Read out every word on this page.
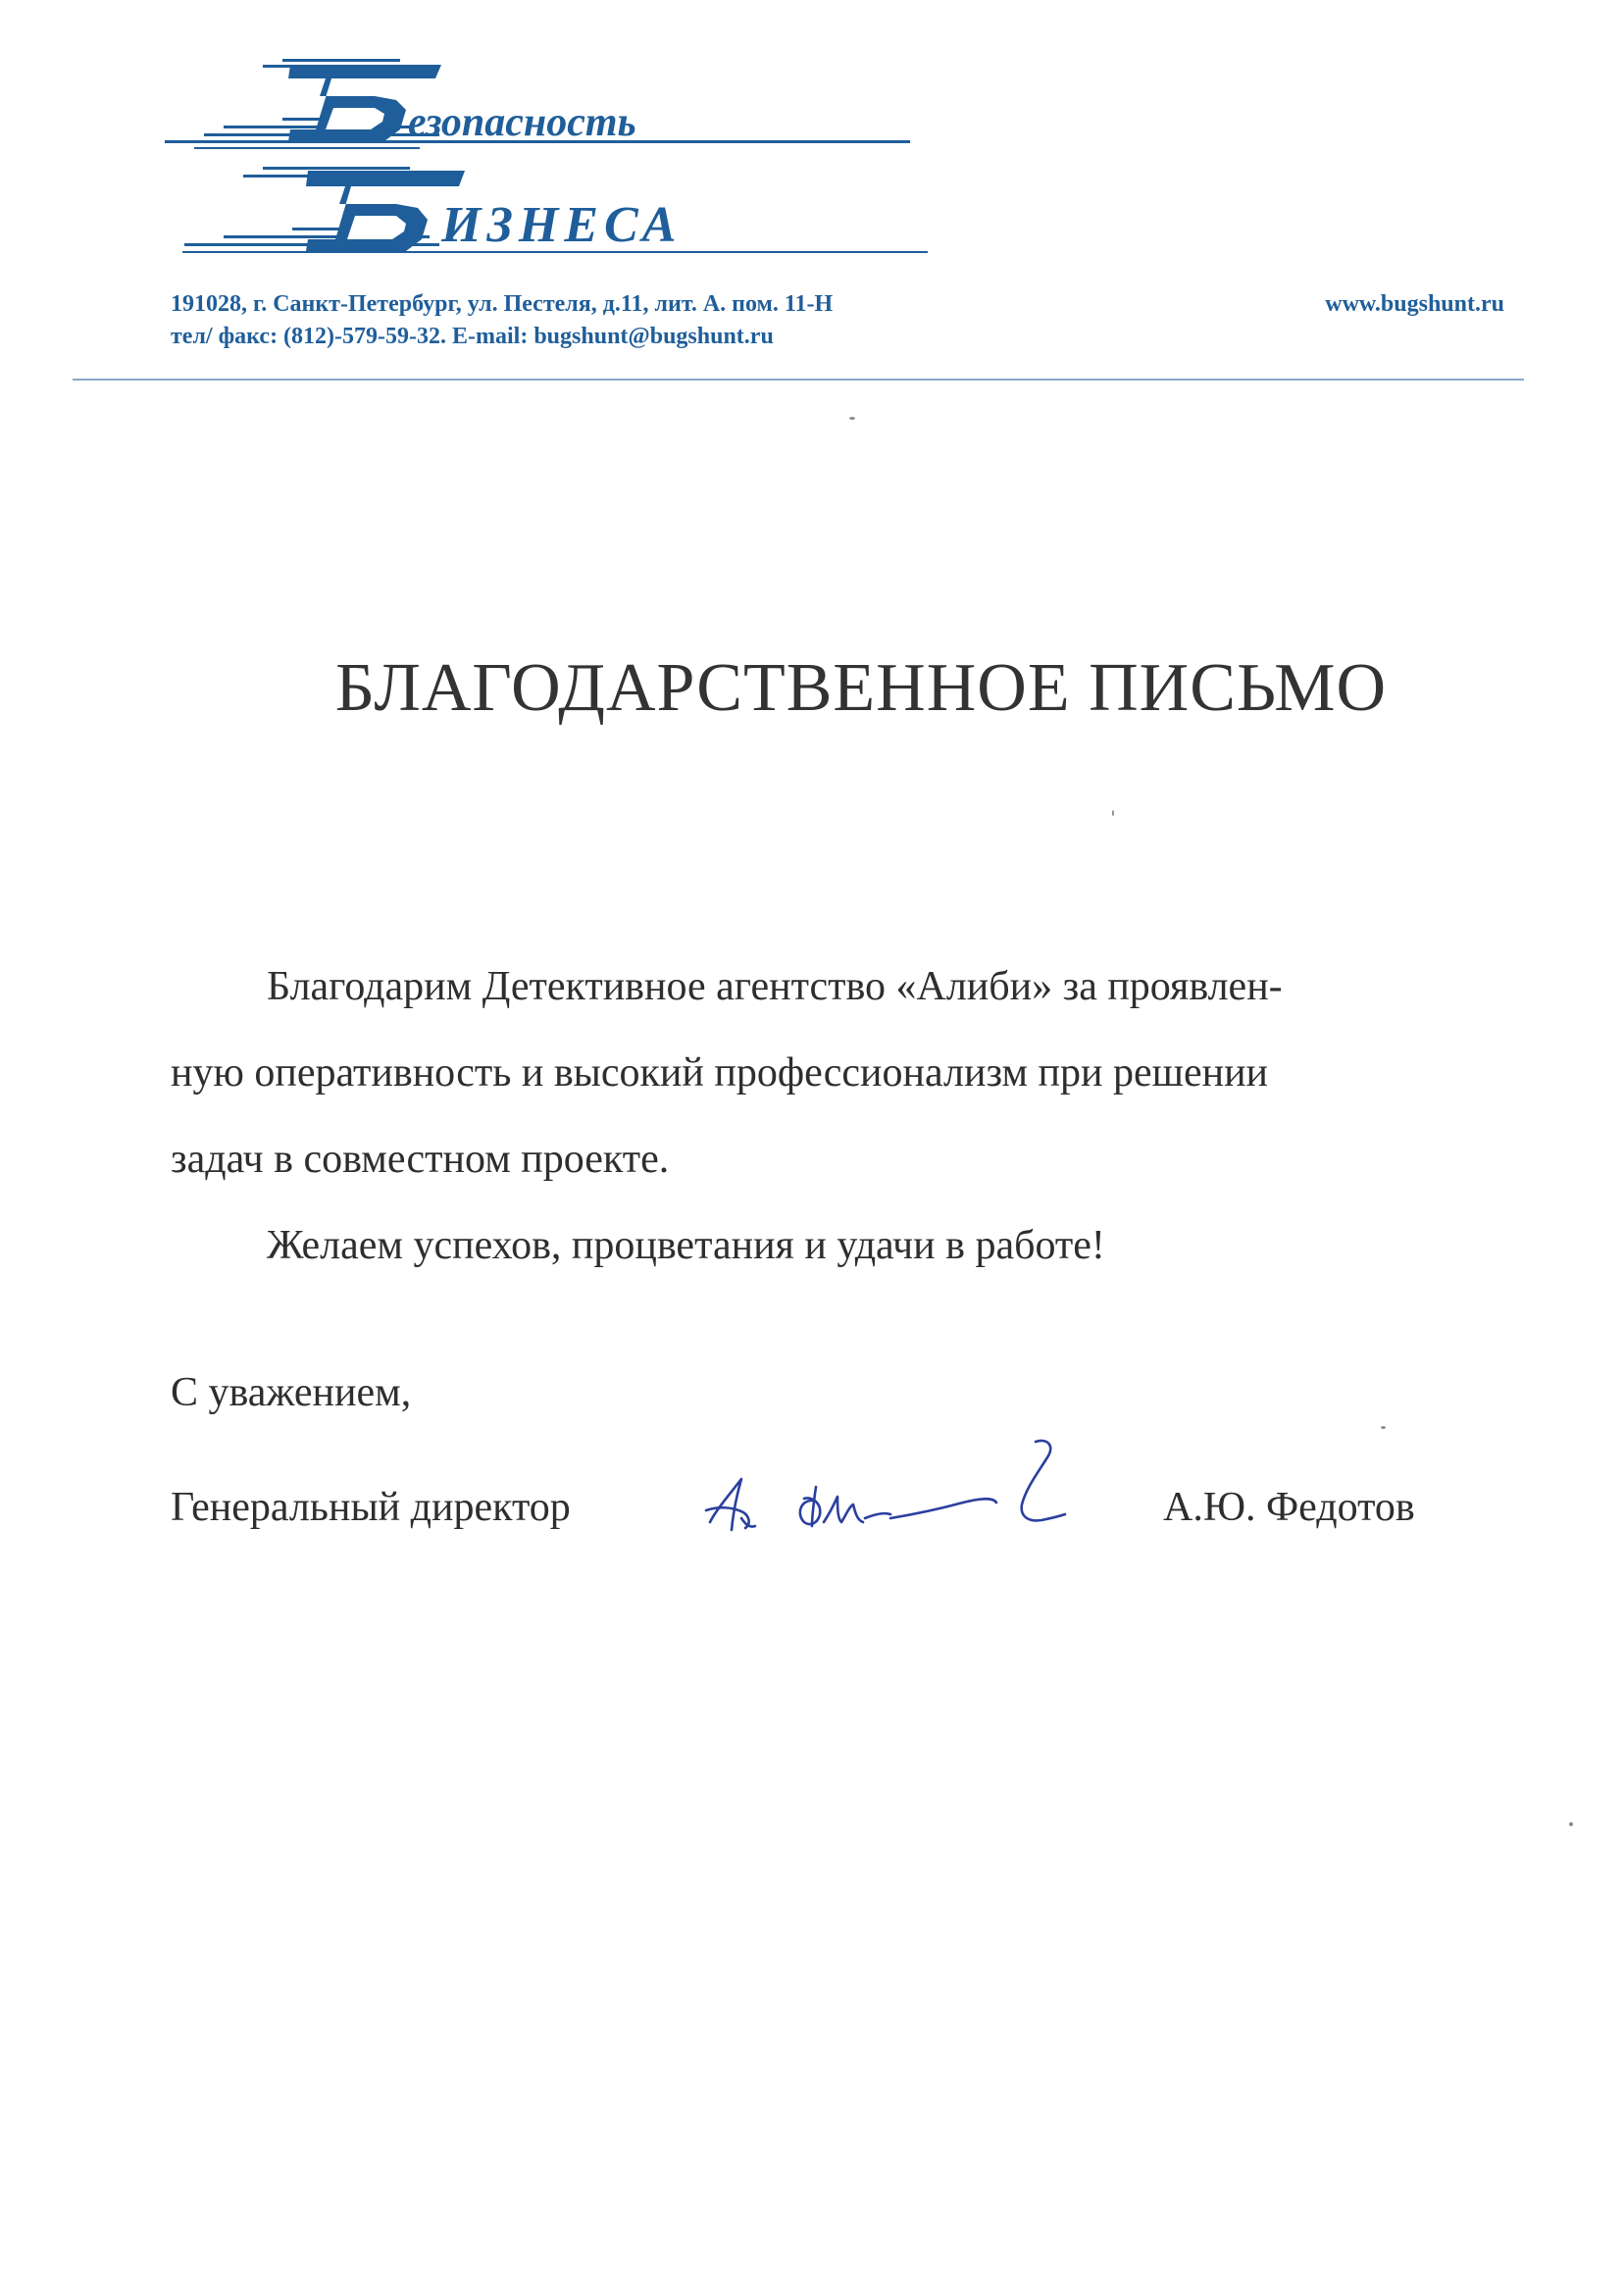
езопасность
ИЗНЕСА
191028, г. Санкт-Петербург, ул. Пестеля, д.11, лит. А. пом. 11-Н
тел/ факс: (812)-579-59-32. E-mail: bugshunt@bugshunt.ru
www.bugshunt.ru
БЛАГОДАРСТВЕННОЕ ПИСЬМО
Благодарим Детективное агентство «Алиби» за проявлен-
ную оперативность и высокий профессионализм при решении
задач в совместном проекте.
Желаем успехов, процветания и удачи в работе!
С уважением,
Генеральный директор	А.Ю. Федотов
